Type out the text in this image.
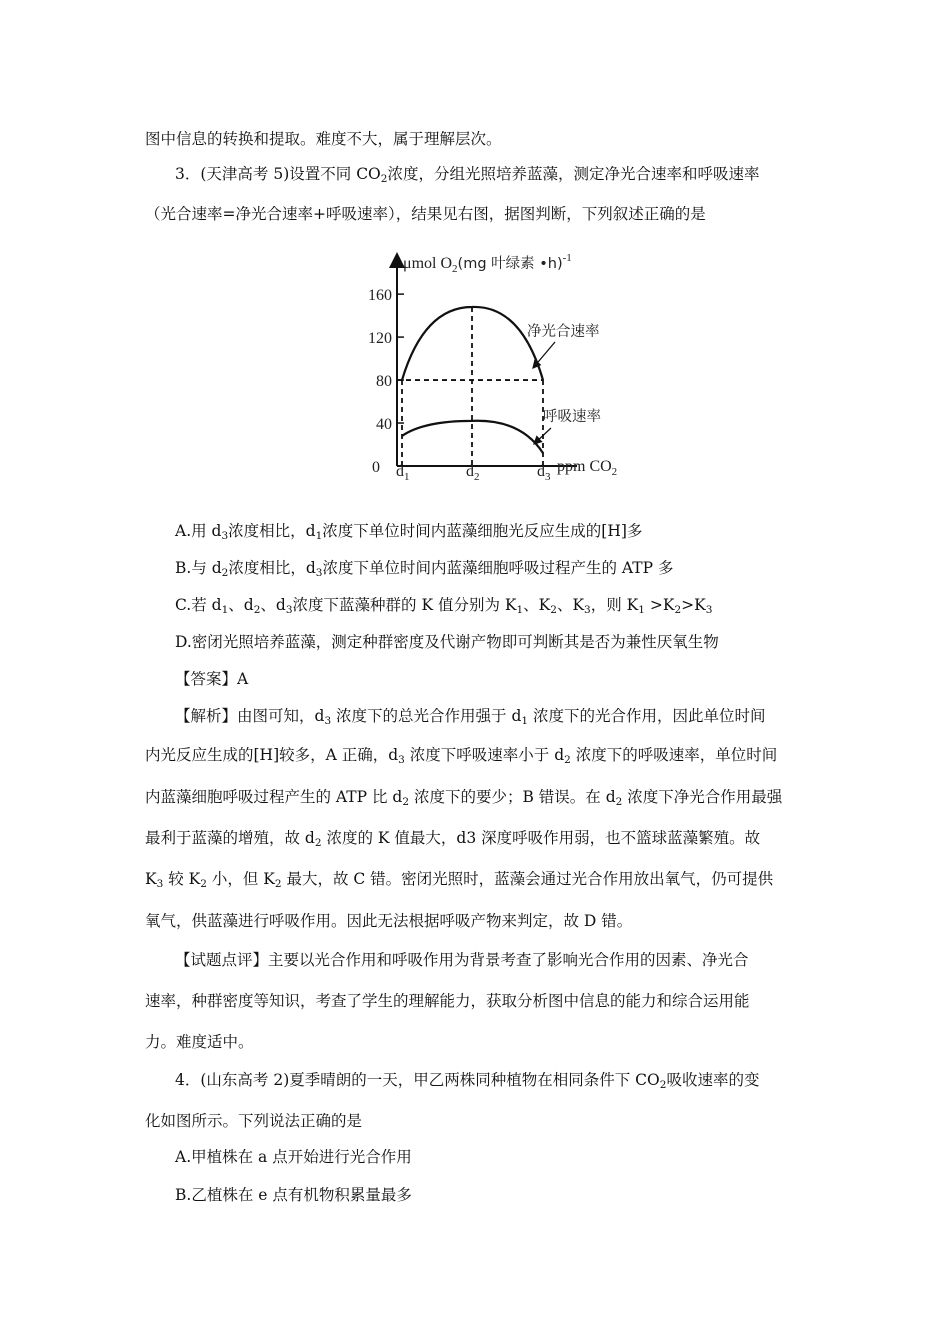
图中信息的转换和提取。难度不大，属于理解层次。
3．(天津高考 5)设置不同 $CO_2$浓度，分组光照培养蓝藻，测定净光合速率和呼吸速率
（光合速率=净光合速率+呼吸速率），结果见右图，据图判断，下列叙述正确的是
μmol $O_2(mg$ 叶绿素 •h)$^{-1}$
0
160
120
80
40
$d_1$	$d_2$	$d_3$
ppm $CO_2$
净光合速率
呼吸速率
A.用 $d_3$浓度相比，$d_1$浓度下单位时间内蓝藻细胞光反应生成的[H]多
B.与 $d_2$浓度相比，$d_3$浓度下单位时间内蓝藻细胞呼吸过程产生的 ATP 多
C.若 $d_1$、$d_2$、$d_3$浓度下蓝藻种群的 K 值分别为 $K_1$、$K_2$、$K_3$，则 $K_1 >K_2>K_3$
D.密闭光照培养蓝藻，测定种群密度及代谢产物即可判断其是否为兼性厌氧生物
【答案】A
【解析】由图可知，$d_3$ 浓度下的总光合作用强于 $d_1$ 浓度下的光合作用，因此单位时间
内光反应生成的[H]较多，A 正确，$d_3$ 浓度下呼吸速率小于 $d_2$ 浓度下的呼吸速率，单位时间
内蓝藻细胞呼吸过程产生的 ATP 比 $d_2$ 浓度下的要少；B 错误。在 $d_2$ 浓度下净光合作用最强
最利于蓝藻的增殖，故 $d_2$ 浓度的 K 值最大，d3 深度呼吸作用弱，也不篮球蓝藻繁殖。故
$K_3$ 较 $K_2$ 小，但 $K_2$ 最大，故 C 错。密闭光照时，蓝藻会通过光合作用放出氧气，仍可提供
氧气，供蓝藻进行呼吸作用。因此无法根据呼吸产物来判定，故 D 错。
【试题点评】主要以光合作用和呼吸作用为背景考查了影响光合作用的因素、净光合
速率，种群密度等知识，考查了学生的理解能力，获取分析图中信息的能力和综合运用能
力。难度适中。
4．(山东高考 2)夏季晴朗的一天，甲乙两株同种植物在相同条件下 $CO_2$吸收速率的变
化如图所示。下列说法正确的是
A.甲植株在 a 点开始进行光合作用
B.乙植株在 e 点有机物积累量最多
